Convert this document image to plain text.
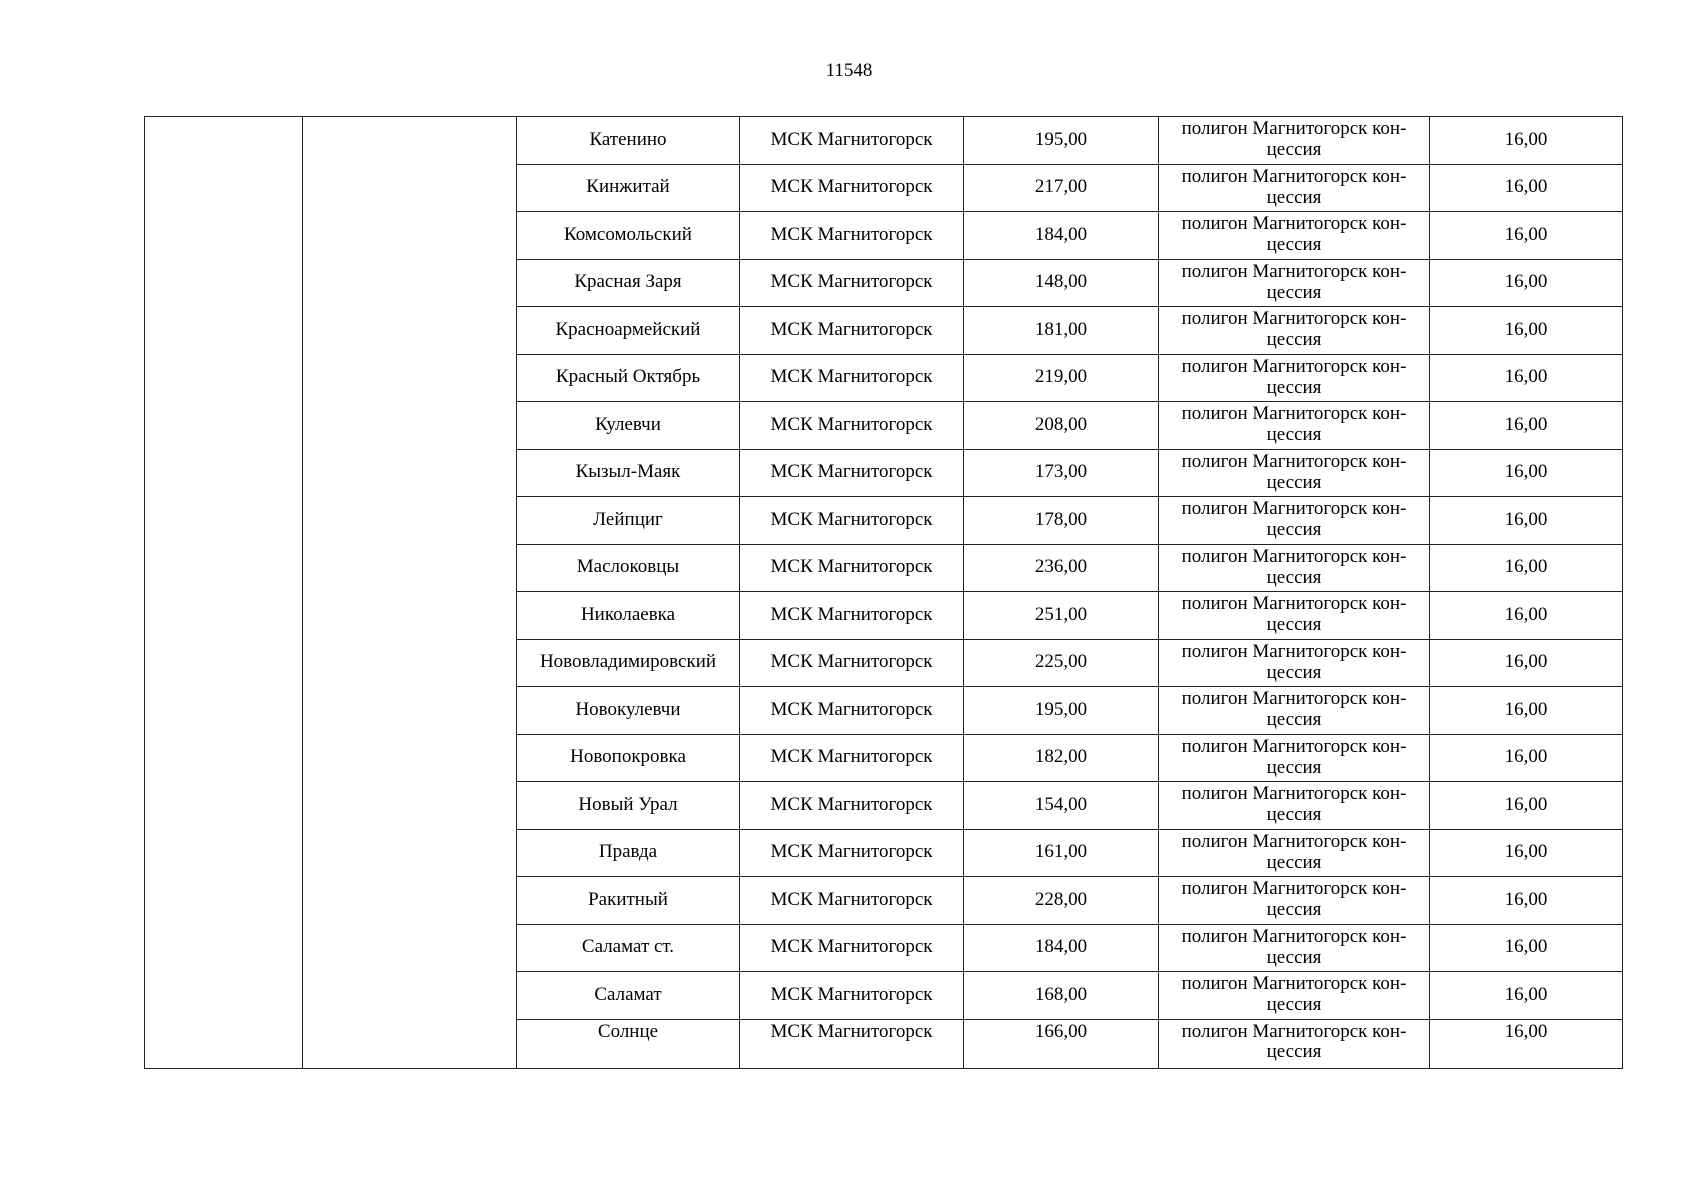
11548
		Катенино	МСК Магнитогорск	195,00	полигон Магнитогорск кон-
цессия	16,00
		Кинжитай	МСК Магнитогорск	217,00	полигон Магнитогорск кон-
цессия	16,00
		Комсомольский	МСК Магнитогорск	184,00	полигон Магнитогорск кон-
цессия	16,00
		Красная Заря	МСК Магнитогорск	148,00	полигон Магнитогорск кон-
цессия	16,00
		Красноармейский	МСК Магнитогорск	181,00	полигон Магнитогорск кон-
цессия	16,00
		Красный Октябрь	МСК Магнитогорск	219,00	полигон Магнитогорск кон-
цессия	16,00
		Кулевчи	МСК Магнитогорск	208,00	полигон Магнитогорск кон-
цессия	16,00
		Кызыл-Маяк	МСК Магнитогорск	173,00	полигон Магнитогорск кон-
цессия	16,00
		Лейпциг	МСК Магнитогорск	178,00	полигон Магнитогорск кон-
цессия	16,00
		Маслоковцы	МСК Магнитогорск	236,00	полигон Магнитогорск кон-
цессия	16,00
		Николаевка	МСК Магнитогорск	251,00	полигон Магнитогорск кон-
цессия	16,00
		Нововладимировский	МСК Магнитогорск	225,00	полигон Магнитогорск кон-
цессия	16,00
		Новокулевчи	МСК Магнитогорск	195,00	полигон Магнитогорск кон-
цессия	16,00
		Новопокровка	МСК Магнитогорск	182,00	полигон Магнитогорск кон-
цессия	16,00
		Новый Урал	МСК Магнитогорск	154,00	полигон Магнитогорск кон-
цессия	16,00
		Правда	МСК Магнитогорск	161,00	полигон Магнитогорск кон-
цессия	16,00
		Ракитный	МСК Магнитогорск	228,00	полигон Магнитогорск кон-
цессия	16,00
		Саламат ст.	МСК Магнитогорск	184,00	полигон Магнитогорск кон-
цессия	16,00
		Саламат	МСК Магнитогорск	168,00	полигон Магнитогорск кон-
цессия	16,00
		Солнце	МСК Магнитогорск	166,00	полигон Магнитогорск кон-
цессия	16,00
